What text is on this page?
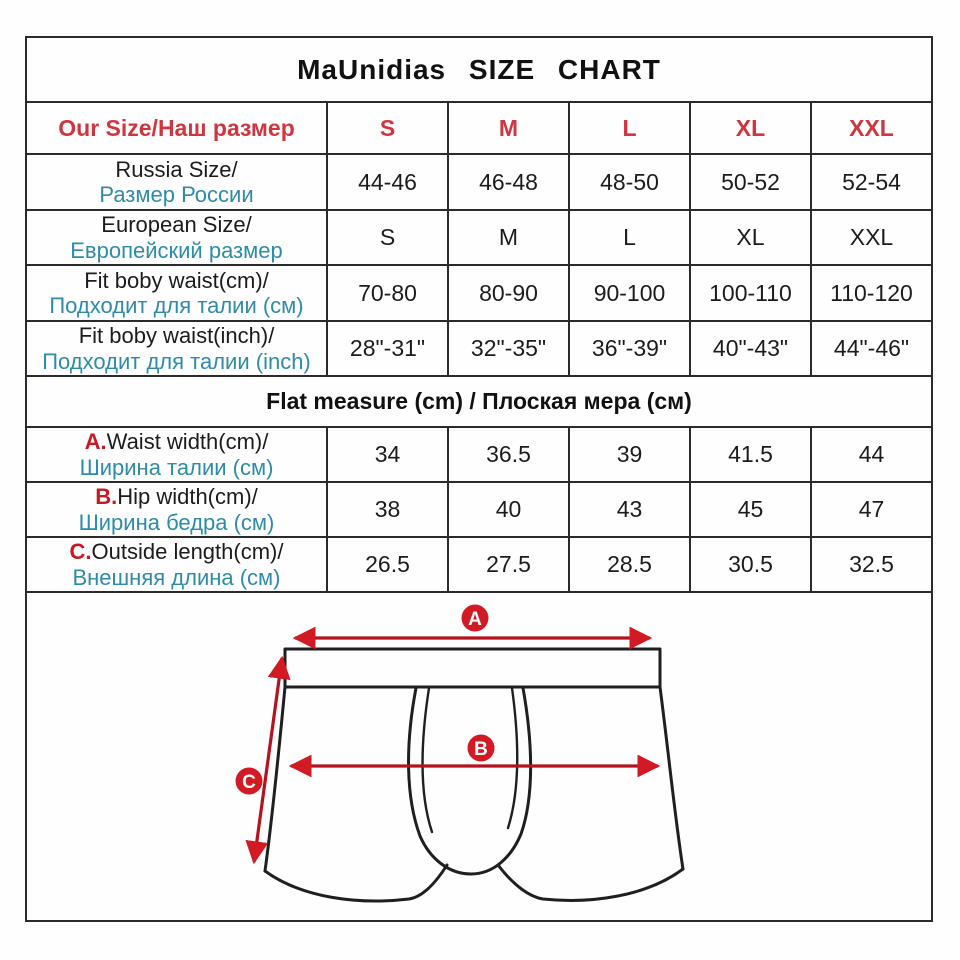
MaUnidias SIZE CHART
Our Size/Наш размер	S	M	L	XL	XXL
Russia Size/
Размер России	44-46	46-48	48-50	50-52	52-54
European Size/
Европейский размер	S	M	L	XL	XXL
Fit boby waist(cm)/
Подходит для талии (см)	70-80	80-90	90-100	100-110	110-120
Fit boby waist(inch)/
Подходит для талии (inch)	28"-31"	32"-35"	36"-39"	40"-43"	44"-46"
Flat measure (cm) / Плоская мера (см)
A.Waist width(cm)/
Ширина талии (см)	34	36.5	39	41.5	44
B.Hip width(cm)/
Ширина бедра (см)	38	40	43	45	47
C.Outside length(cm)/
Внешняя длина (см)	26.5	27.5	28.5	30.5	32.5
A
B
C
